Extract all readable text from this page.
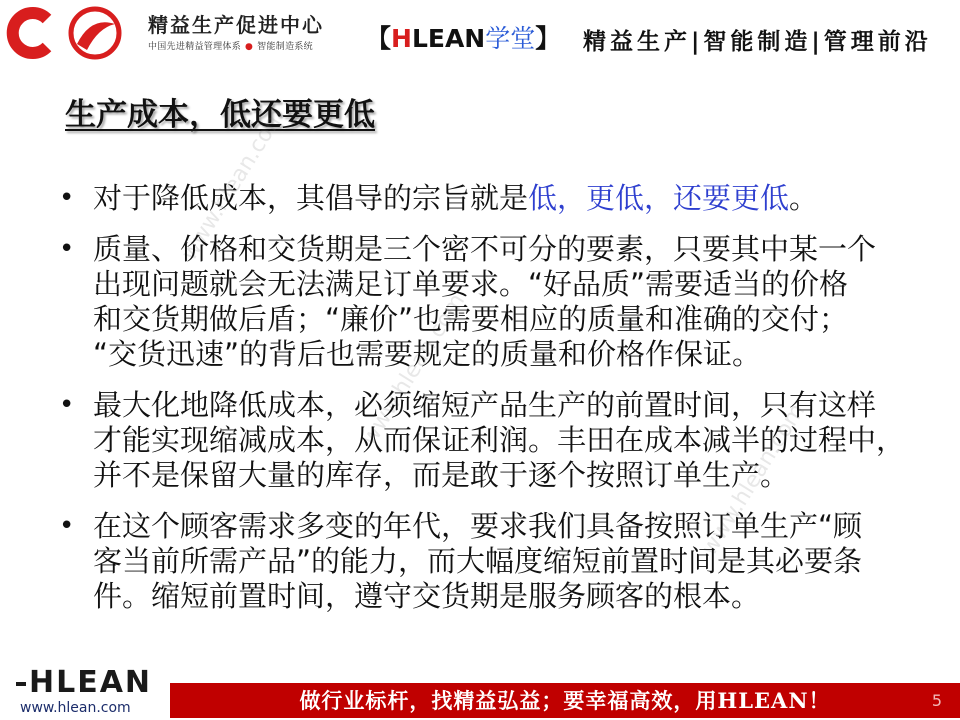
精益生产促进中心
中国先进精益管理体系 ● 智能制造系统 【HLEAN学堂】 精益生产|智能制造|管理前沿
生产成本，低还要更低
www.hlean.com
www.hlean.com
www.hlean.com
• 对于降低成本，其倡导的宗旨就是低，更低，还要更低。
• 质量、价格和交货期是三个密不可分的要素，只要其中某一个
出现问题就会无法满足订单要求。“好品质”需要适当的价格
和交货期做后盾；“廉价”也需要相应的质量和准确的交付；
“交货迅速”的背后也需要规定的质量和价格作保证。
• 最大化地降低成本，必须缩短产品生产的前置时间，只有这样
才能实现缩减成本，从而保证利润。丰田在成本减半的过程中，
并不是保留大量的库存，而是敢于逐个按照订单生产。
• 在这个顾客需求多变的年代，要求我们具备按照订单生产“顾
客当前所需产品”的能力，而大幅度缩短前置时间是其必要条
件。缩短前置时间，遵守交货期是服务顾客的根本。
HLEAN
www.hlean.com	做行业标杆，找精益弘益；要幸福高效，用HLEAN！	5
